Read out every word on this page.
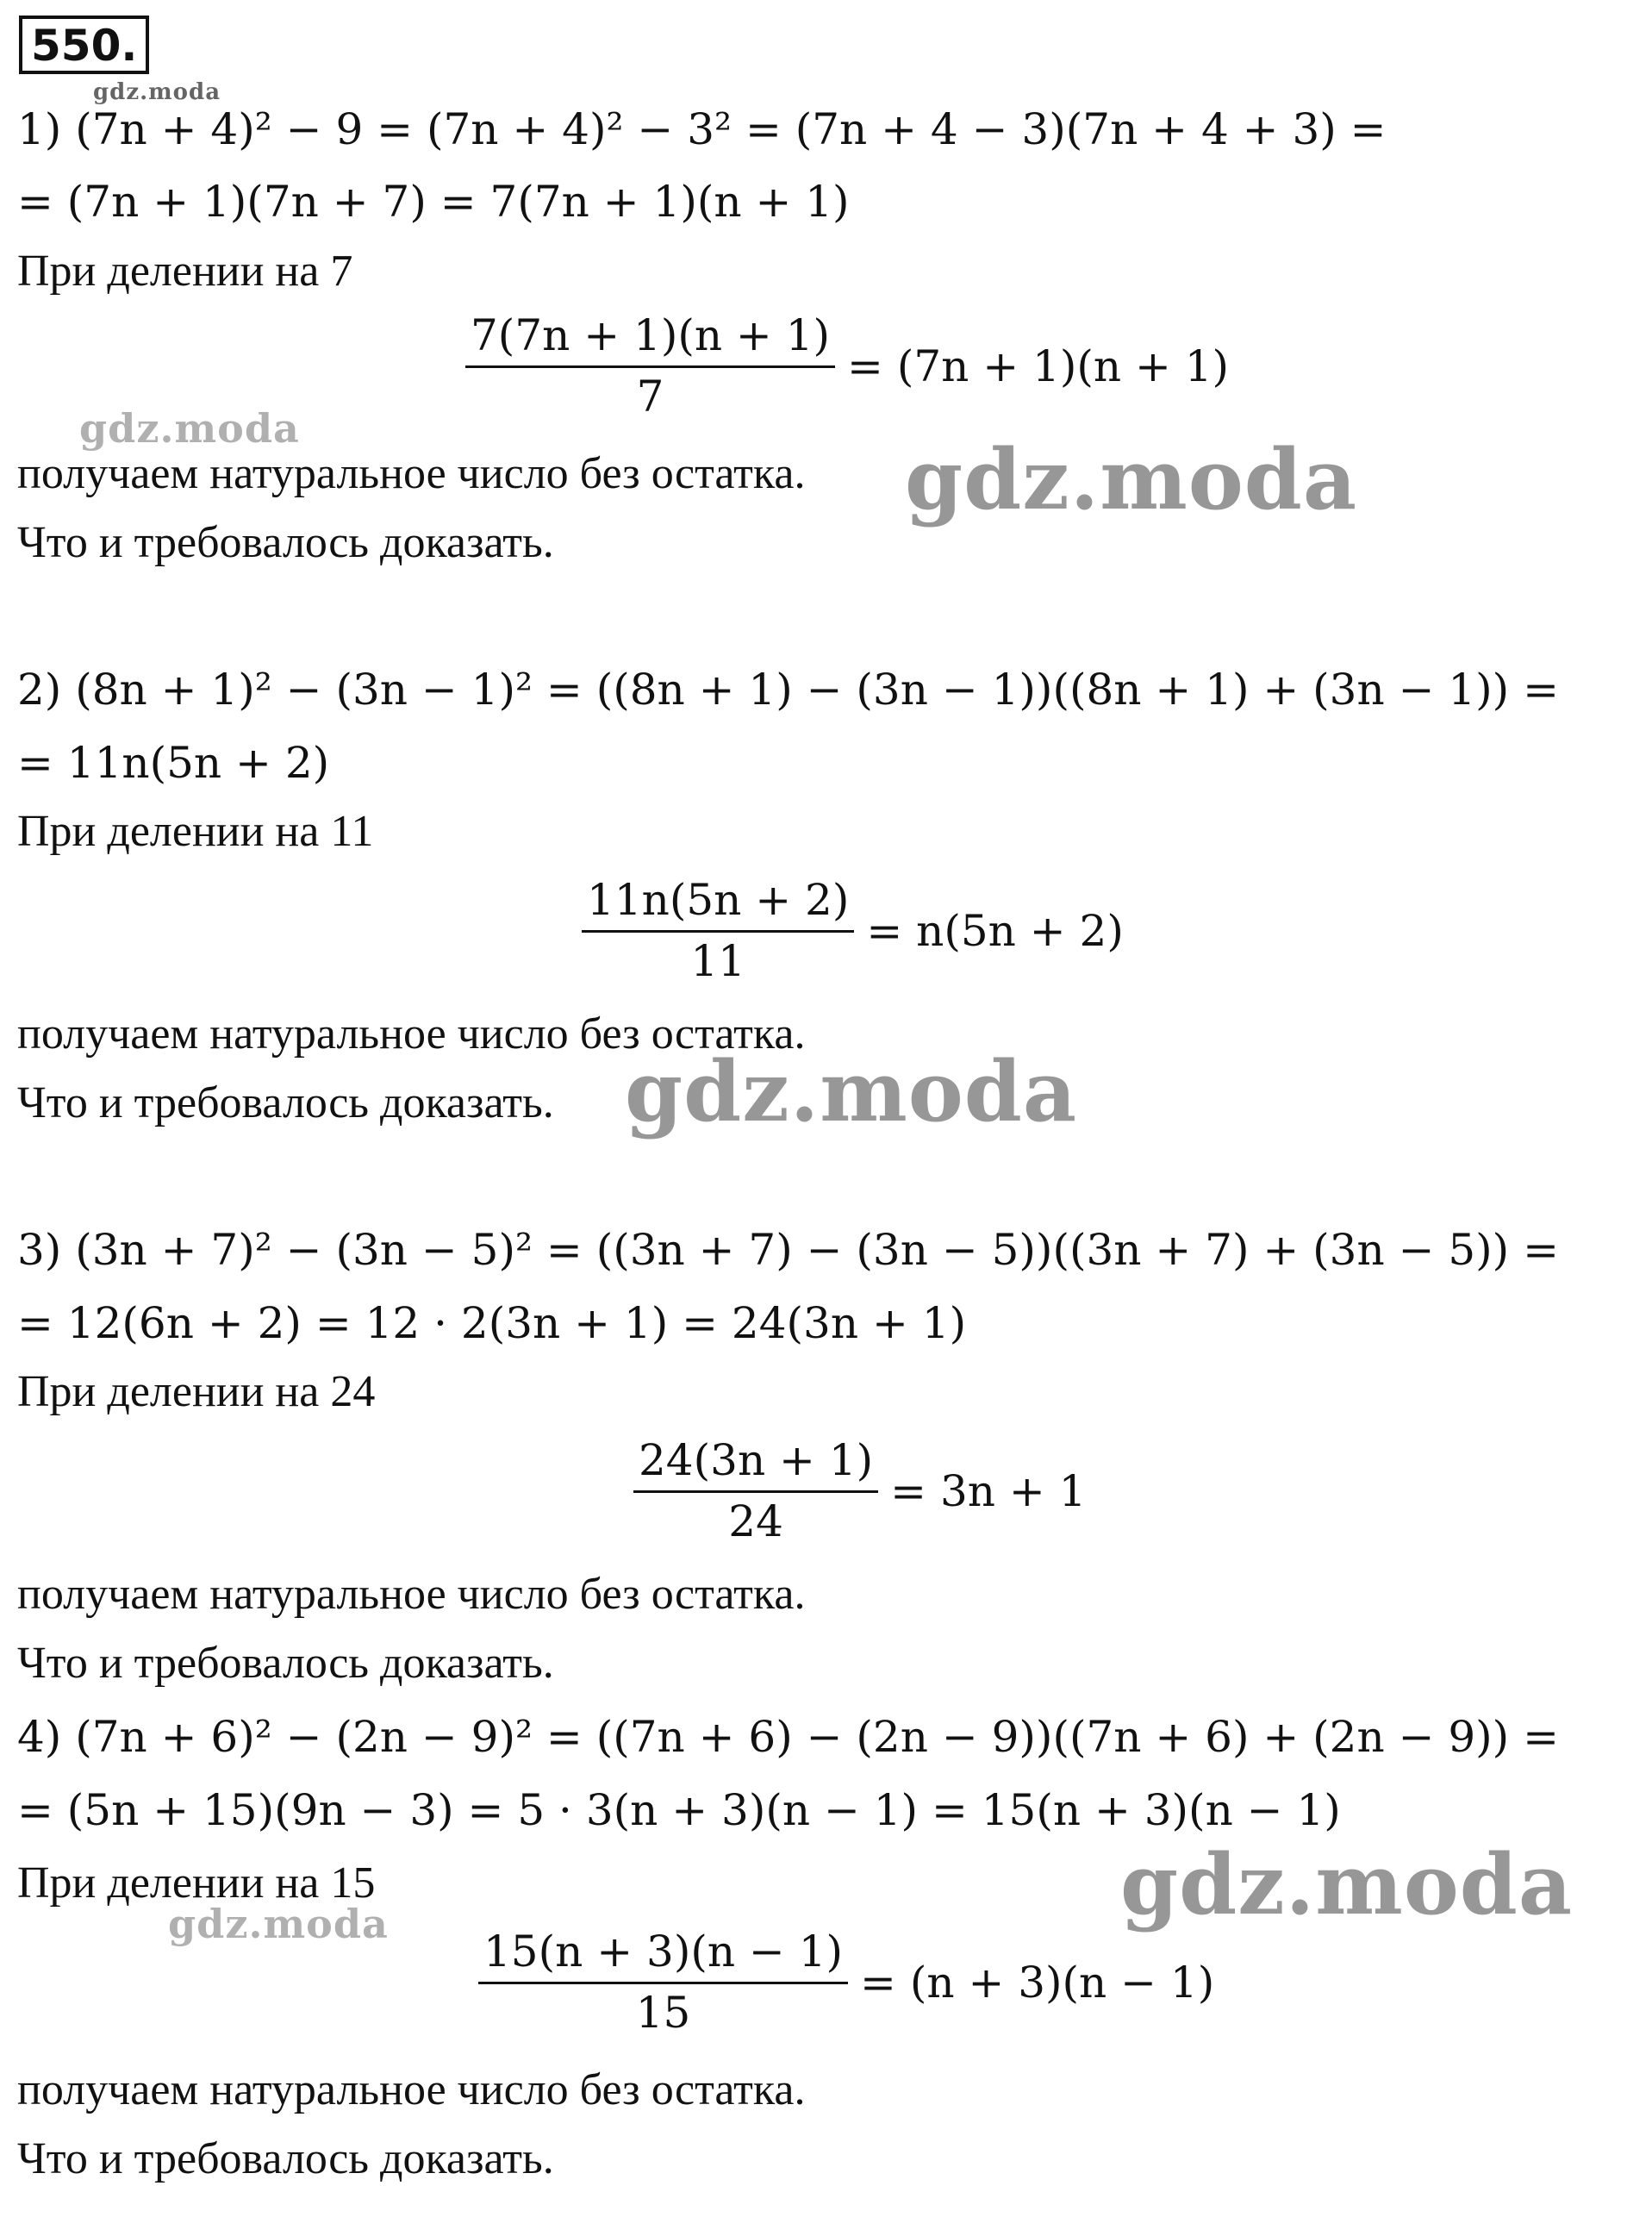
550.
gdz.moda
1) (7n + 4)² − 9 = (7n + 4)² − 3² = (7n + 4 − 3)(7n + 4 + 3) =
= (7n + 1)(7n + 7) = 7(7n + 1)(n + 1)
При делении на 7
$\frac{7(7n + 1)(n + 1)}{7} = (7n + 1)(n + 1)$
gdz.moda
получаем натуральное число без остатка. gdz.moda
Что и требовалось доказать.
2) (8n + 1)² − (3n − 1)² = ((8n + 1) − (3n − 1))((8n + 1) + (3n − 1)) =
= 11n(5n + 2)
При делении на 11
$\frac{11n(5n + 2)}{11} = n(5n + 2)$
получаем натуральное число без остатка.
Что и требовалось доказать. gdz.moda
3) (3n + 7)² − (3n − 5)² = ((3n + 7) − (3n − 5))((3n + 7) + (3n − 5)) =
= 12(6n + 2) = 12 · 2(3n + 1) = 24(3n + 1)
При делении на 24
$\frac{24(3n + 1)}{24} = 3n + 1$
получаем натуральное число без остатка.
Что и требовалось доказать.
4) (7n + 6)² − (2n − 9)² = ((7n + 6) − (2n − 9))((7n + 6) + (2n − 9)) =
= (5n + 15)(9n − 3) = 5 · 3(n + 3)(n − 1) = 15(n + 3)(n − 1)
При делении на 15	gdz.moda
gdz.moda
$\frac{15(n + 3)(n - 1)}{15} = (n + 3)(n - 1)$
получаем натуральное число без остатка.
Что и требовалось доказать.
